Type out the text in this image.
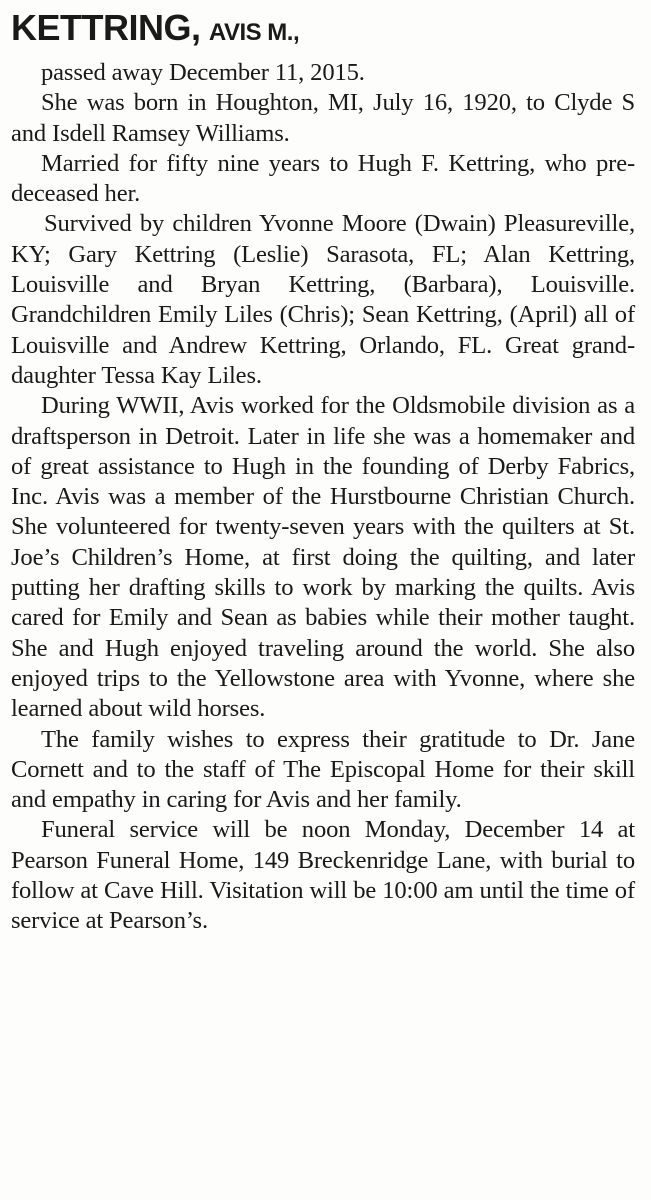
KETTRING, AVIS M.,

passed away December 11, 2015.

She was born in Houghton, MI, July 16, 1920, to Clyde S and Isdell Ramsey Williams.

Married for fifty nine years to Hugh F. Kettring, who pre-deceased her.

Survived by children Yvonne Moore (Dwain) Pleasureville, KY; Gary Kettring (Leslie) Sarasota, FL; Alan Kettring, Louisville and Bryan Kettring, (Barbara), Louisville. Grandchildren Emily Liles (Chris); Sean Kettring, (April) all of Louisville and Andrew Kettring, Orlando, FL. Great grand-daughter Tessa Kay Liles.

During WWII, Avis worked for the Oldsmobile division as a draftsperson in Detroit. Later in life she was a homemaker and of great assistance to Hugh in the founding of Derby Fabrics, Inc. Avis was a member of the Hurstbourne Christian Church. She volunteered for twenty-seven years with the quilters at St. Joe’s Children’s Home, at first doing the quilting, and later putting her drafting skills to work by marking the quilts. Avis cared for Emily and Sean as babies while their mother taught. She and Hugh enjoyed traveling around the world. She also enjoyed trips to the Yellowstone area with Yvonne, where she learned about wild horses.

The family wishes to express their gratitude to Dr. Jane Cornett and to the staff of The Episcopal Home for their skill and empathy in caring for Avis and her family.

Funeral service will be noon Monday, December 14 at Pearson Funeral Home, 149 Breckenridge Lane, with burial to follow at Cave Hill. Visitation will be 10:00 am until the time of service at Pearson’s.
